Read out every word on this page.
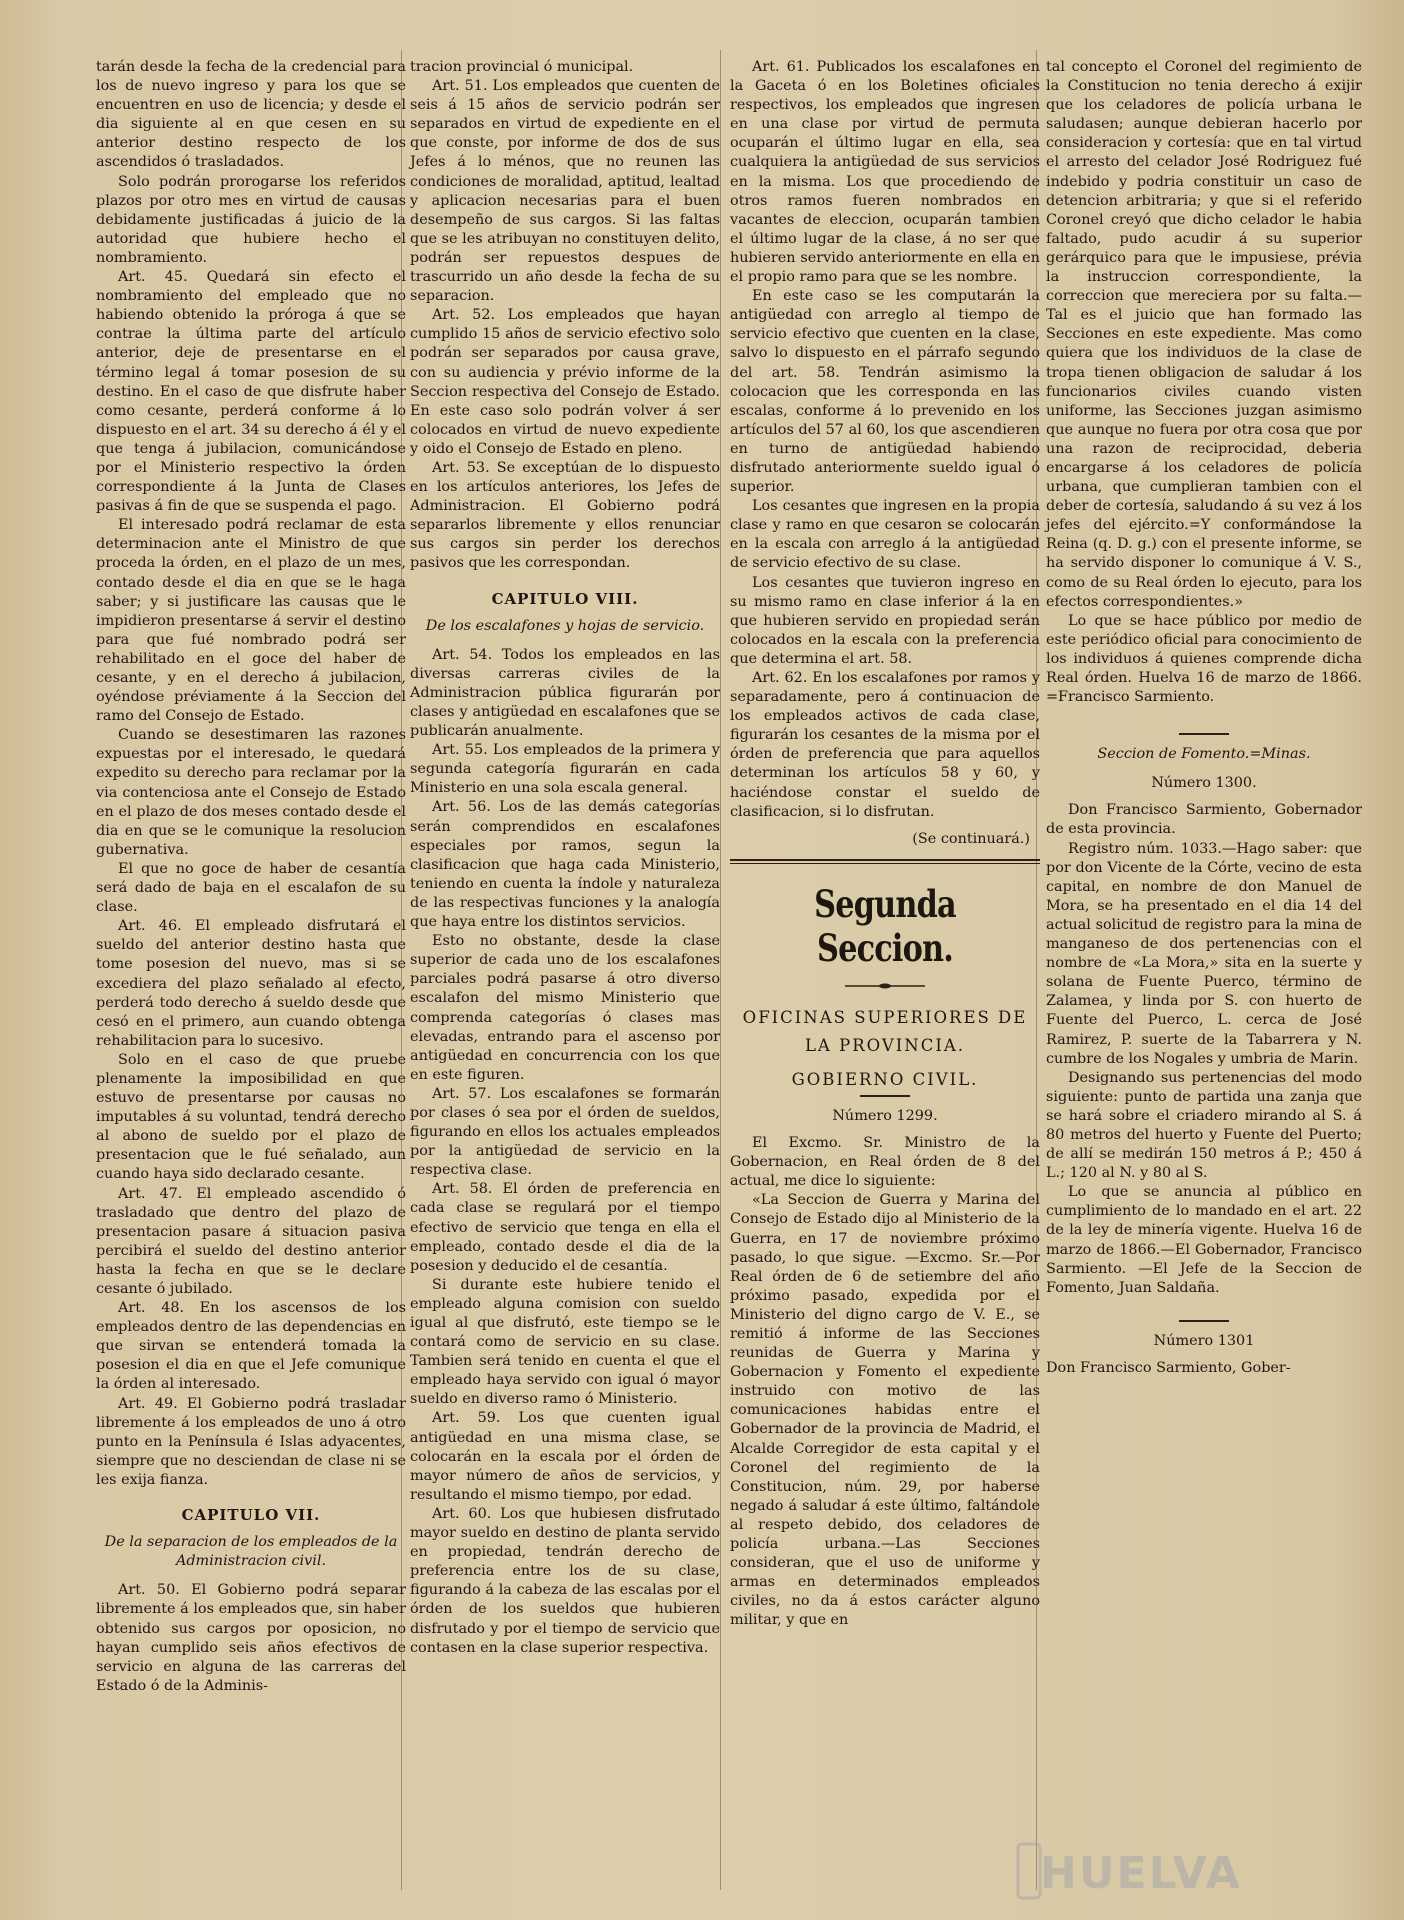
tarán desde la fecha de la credencial para los de nuevo ingreso y para los que se encuentren en uso de licencia; y desde el dia siguiente al en que cesen en su anterior destino respecto de los ascendidos ó trasladados.

Solo podrán prorogarse los referidos plazos por otro mes en virtud de causas debidamente justificadas á juicio de la autoridad que hubiere hecho el nombramiento.

Art. 45. Quedará sin efecto el nombramiento del empleado que no habiendo obtenido la próroga á que se contrae la última parte del artículo anterior, deje de presentarse en el término legal á tomar posesion de su destino. En el caso de que disfrute haber como cesante, perderá conforme á lo dispuesto en el art. 34 su derecho á él y el que tenga á jubilacion, comunicándose por el Ministerio respectivo la órden correspondiente á la Junta de Clases pasivas á fin de que se suspenda el pago.

El interesado podrá reclamar de esta determinacion ante el Ministro de que proceda la órden, en el plazo de un mes, contado desde el dia en que se le haga saber; y si justificare las causas que le impidieron presentarse á servir el destino para que fué nombrado podrá ser rehabilitado en el goce del haber de cesante, y en el derecho á jubilacion, oyéndose préviamente á la Seccion del ramo del Consejo de Estado.

Cuando se desestimaren las razones expuestas por el interesado, le quedará expedito su derecho para reclamar por la via contenciosa ante el Consejo de Estado en el plazo de dos meses contado desde el dia en que se le comunique la resolucion gubernativa.

El que no goce de haber de cesantía será dado de baja en el escalafon de su clase.

Art. 46. El empleado disfrutará el sueldo del anterior destino hasta que tome posesion del nuevo, mas si se excediera del plazo señalado al efecto, perderá todo derecho á sueldo desde que cesó en el primero, aun cuando obtenga rehabilitacion para lo sucesivo.

Solo en el caso de que pruebe plenamente la imposibilidad en que estuvo de presentarse por causas no imputables á su voluntad, tendrá derecho al abono de sueldo por el plazo de presentacion que le fué señalado, aun cuando haya sido declarado cesante.

Art. 47. El empleado ascendido ó trasladado que dentro del plazo de presentacion pasare á situacion pasiva percibirá el sueldo del destino anterior hasta la fecha en que se le declare cesante ó jubilado.

Art. 48. En los ascensos de los empleados dentro de las dependencias en que sirvan se entenderá tomada la posesion el dia en que el Jefe comunique la órden al interesado.

Art. 49. El Gobierno podrá trasladar libremente á los empleados de uno á otro punto en la Península é Islas adyacentes, siempre que no desciendan de clase ni se les exija fianza.

CAPITULO VII.
De la separacion de los empleados de la Administracion civil.

Art. 50. El Gobierno podrá separar libremente á los empleados que, sin haber obtenido sus cargos por oposicion, no hayan cumplido seis años efectivos de servicio en alguna de las carreras del Estado ó de la Adminis-

tracion provincial ó municipal.

Art. 51. Los empleados que cuenten de seis á 15 años de servicio podrán ser separados en virtud de expediente en el que conste, por informe de dos de sus Jefes á lo ménos, que no reunen las condiciones de moralidad, aptitud, lealtad y aplicacion necesarias para el buen desempeño de sus cargos. Si las faltas que se les atribuyan no constituyen delito, podrán ser repuestos despues de trascurrido un año desde la fecha de su separacion.

Art. 52. Los empleados que hayan cumplido 15 años de servicio efectivo solo podrán ser separados por causa grave, con su audiencia y prévio informe de la Seccion respectiva del Consejo de Estado. En este caso solo podrán volver á ser colocados en virtud de nuevo expediente y oido el Consejo de Estado en pleno.

Art. 53. Se exceptúan de lo dispuesto en los artículos anteriores, los Jefes de Administracion. El Gobierno podrá separarlos libremente y ellos renunciar sus cargos sin perder los derechos pasivos que les correspondan.

CAPITULO VIII.
De los escalafones y hojas de servicio.

Art. 54. Todos los empleados en las diversas carreras civiles de la Administracion pública figurarán por clases y antigüedad en escalafones que se publicarán anualmente.

Art. 55. Los empleados de la primera y segunda categoría figurarán en cada Ministerio en una sola escala general.

Art. 56. Los de las demás categorías serán comprendidos en escalafones especiales por ramos, segun la clasificacion que haga cada Ministerio, teniendo en cuenta la índole y naturaleza de las respectivas funciones y la analogía que haya entre los distintos servicios.

Esto no obstante, desde la clase superior de cada uno de los escalafones parciales podrá pasarse á otro diverso escalafon del mismo Ministerio que comprenda categorías ó clases mas elevadas, entrando para el ascenso por antigüedad en concurrencia con los que en este figuren.

Art. 57. Los escalafones se formarán por clases ó sea por el órden de sueldos, figurando en ellos los actuales empleados por la antigüedad de servicio en la respectiva clase.

Art. 58. El órden de preferencia en cada clase se regulará por el tiempo efectivo de servicio que tenga en ella el empleado, contado desde el dia de la posesion y deducido el de cesantía.

Si durante este hubiere tenido el empleado alguna comision con sueldo igual al que disfrutó, este tiempo se le contará como de servicio en su clase. Tambien será tenido en cuenta el que el empleado haya servido con igual ó mayor sueldo en diverso ramo ó Ministerio.

Art. 59. Los que cuenten igual antigüedad en una misma clase, se colocarán en la escala por el órden de mayor número de años de servicios, y resultando el mismo tiempo, por edad.

Art. 60. Los que hubiesen disfrutado mayor sueldo en destino de planta servido en propiedad, tendrán derecho de preferencia entre los de su clase, figurando á la cabeza de las escalas por el órden de los sueldos que hubieren disfrutado y por el tiempo de servicio que contasen en la clase superior respectiva.

Art. 61. Publicados los escalafones en la Gaceta ó en los Boletines oficiales respectivos, los empleados que ingresen en una clase por virtud de permuta ocuparán el último lugar en ella, sea cualquiera la antigüedad de sus servicios en la misma. Los que procediendo de otros ramos fueren nombrados en vacantes de eleccion, ocuparán tambien el último lugar de la clase, á no ser que hubieren servido anteriormente en ella en el propio ramo para que se les nombre.

En este caso se les computarán la antigüedad con arreglo al tiempo de servicio efectivo que cuenten en la clase, salvo lo dispuesto en el párrafo segundo del art. 58. Tendrán asimismo la colocacion que les corresponda en las escalas, conforme á lo prevenido en los artículos del 57 al 60, los que ascendieren en turno de antigüedad habiendo disfrutado anteriormente sueldo igual ó superior.

Los cesantes que ingresen en la propia clase y ramo en que cesaron se colocarán en la escala con arreglo á la antigüedad de servicio efectivo de su clase.

Los cesantes que tuvieron ingreso en su mismo ramo en clase inferior á la en que hubieren servido en propiedad serán colocados en la escala con la preferencia que determina el art. 58.

Art. 62. En los escalafones por ramos y separadamente, pero á continuacion de los empleados activos de cada clase, figurarán los cesantes de la misma por el órden de preferencia que para aquellos determinan los artículos 58 y 60, y haciéndose constar el sueldo de clasificacion, si lo disfrutan.

(Se continuará.)
Segunda Seccion.
OFICINAS SUPERIORES DE LA PROVINCIA.
GOBIERNO CIVIL.
Número 1299.

El Excmo. Sr. Ministro de la Gobernacion, en Real órden de 8 del actual, me dice lo siguiente:

«La Seccion de Guerra y Marina del Consejo de Estado dijo al Ministerio de la Guerra, en 17 de noviembre próximo pasado, lo que sigue. —Excmo. Sr.—Por Real órden de 6 de setiembre del año próximo pasado, expedida por el Ministerio del digno cargo de V. E., se remitió á informe de las Secciones reunidas de Guerra y Marina y Gobernacion y Fomento el expediente instruido con motivo de las comunicaciones habidas entre el Gobernador de la provincia de Madrid, el Alcalde Corregidor de esta capital y el Coronel del regimiento de la Constitucion, núm. 29, por haberse negado á saludar á este último, faltándole al respeto debido, dos celadores de policía urbana.—Las Secciones consideran, que el uso de uniforme y armas en determinados empleados civiles, no da á estos carácter alguno militar, y que en

tal concepto el Coronel del regimiento de la Constitucion no tenia derecho á exijir que los celadores de policía urbana le saludasen; aunque debieran hacerlo por consideracion y cortesía: que en tal virtud el arresto del celador José Rodriguez fué indebido y podria constituir un caso de detencion arbitraria; y que si el referido Coronel creyó que dicho celador le habia faltado, pudo acudir á su superior gerárquico para que le impusiese, prévia la instruccion correspondiente, la correccion que mereciera por su falta.—Tal es el juicio que han formado las Secciones en este expediente. Mas como quiera que los individuos de la clase de tropa tienen obligacion de saludar á los funcionarios civiles cuando visten uniforme, las Secciones juzgan asimismo que aunque no fuera por otra cosa que por una razon de reciprocidad, deberia encargarse á los celadores de policía urbana, que cumplieran tambien con el deber de cortesía, saludando á su vez á los jefes del ejército.=Y conformándose la Reina (q. D. g.) con el presente informe, se ha servido disponer lo comunique á V. S., como de su Real órden lo ejecuto, para los efectos correspondientes.»

Lo que se hace público por medio de este periódico oficial para conocimiento de los individuos á quienes comprende dicha Real órden. Huelva 16 de marzo de 1866. =Francisco Sarmiento.

Seccion de Fomento.=Minas.
Número 1300.

Don Francisco Sarmiento, Gobernador de esta provincia.

Registro núm. 1033.—Hago saber: que por don Vicente de la Córte, vecino de esta capital, en nombre de don Manuel de Mora, se ha presentado en el dia 14 del actual solicitud de registro para la mina de manganeso de dos pertenencias con el nombre de «La Mora,» sita en la suerte y solana de Fuente Puerco, término de Zalamea, y linda por S. con huerto de Fuente del Puerco, L. cerca de José Ramirez, P. suerte de la Tabarrera y N. cumbre de los Nogales y umbria de Marin.

Designando sus pertenencias del modo siguiente: punto de partida una zanja que se hará sobre el criadero mirando al S. á 80 metros del huerto y Fuente del Puerto; de allí se medirán 150 metros á P.; 450 á L.; 120 al N. y 80 al S.

Lo que se anuncia al público en cumplimiento de lo mandado en el art. 22 de la ley de minería vigente. Huelva 16 de marzo de 1866.—El Gobernador, Francisco Sarmiento. —El Jefe de la Seccion de Fomento, Juan Saldaña.

Número 1301

Don Francisco Sarmiento, Gober-

HUELVA
